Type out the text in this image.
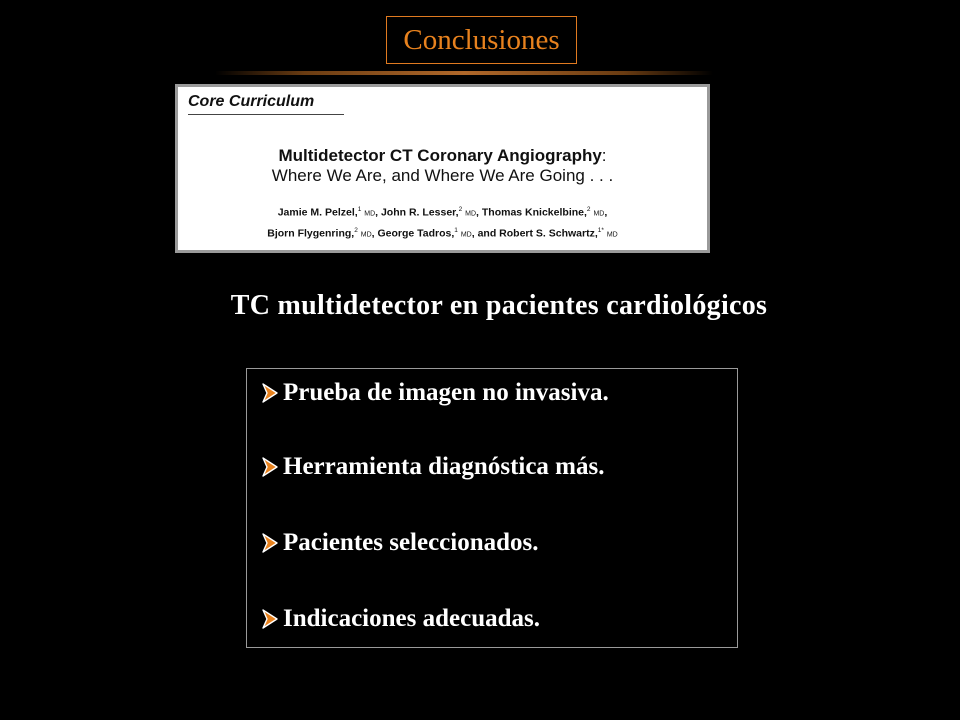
Conclusiones
Core Curriculum
Multidetector CT Coronary Angiography:
Where We Are, and Where We Are Going . . .
Jamie M. Pelzel,$^1$ MD, John R. Lesser,$^2$ MD, Thomas Knickelbine,$^2$ MD,
Bjorn Flygenring,$^2$ MD, George Tadros,$^1$ MD, and Robert S. Schwartz,$^{1*}$ MD
TC multidetector en pacientes cardiológicos
Prueba de imagen no invasiva.
Herramienta diagnóstica más.
Pacientes seleccionados.
Indicaciones adecuadas.
